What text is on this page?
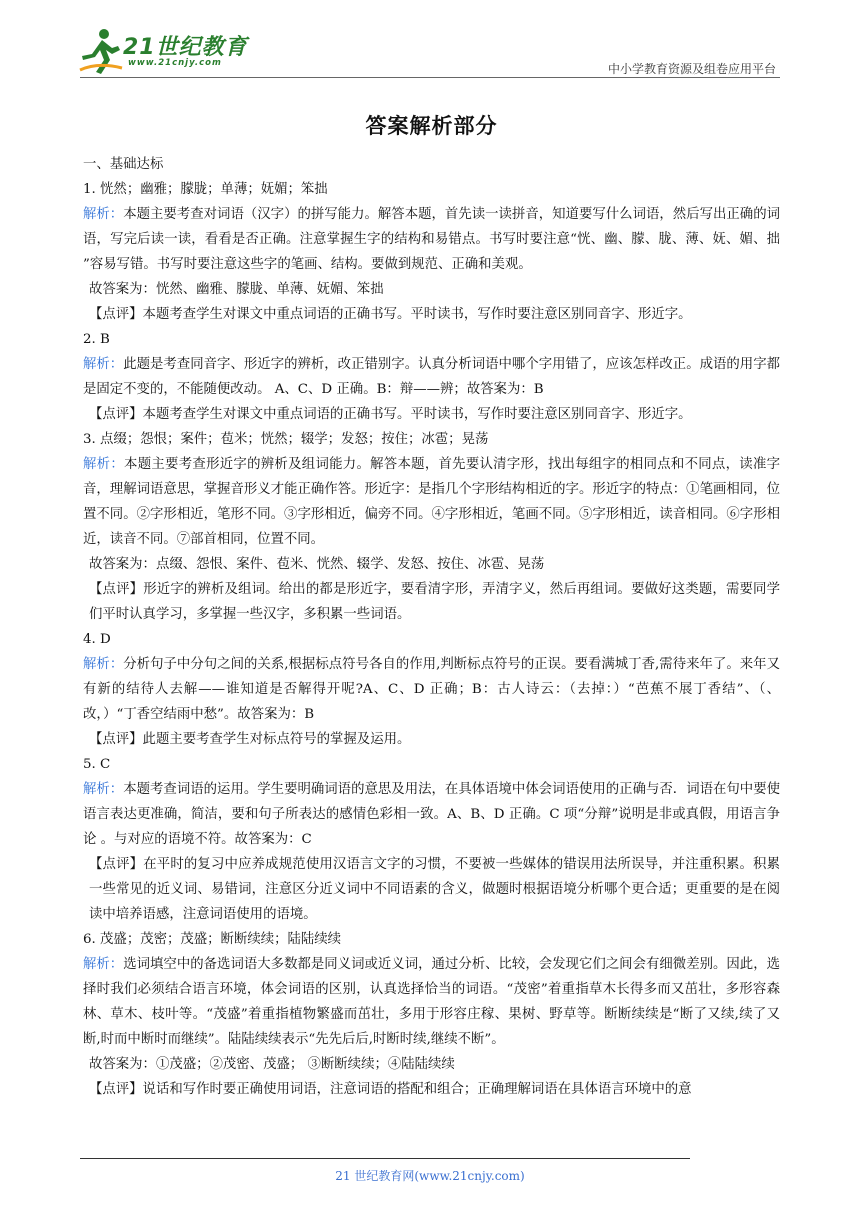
21世纪教育
www.21cnjy.com	中小学教育资源及组卷应用平台
答案解析部分

一、基础达标

1. 恍然；幽雅；朦胧；单薄；妩媚；笨拙

解析：本题主要考查对词语（汉字）的拼写能力。解答本题，首先读一读拼音，知道要写什么词语，然后写出正确的词语，写完后读一读，看看是否正确。注意掌握生字的结构和易错点。书写时要注意“恍、幽、朦、胧、薄、妩、媚、拙 ”容易写错。书写时要注意这些字的笔画、结构。要做到规范、正确和美观。

故答案为：恍然、幽雅、朦胧、单薄、妩媚、笨拙

【点评】本题考查学生对课文中重点词语的正确书写。平时读书，写作时要注意区别同音字、形近字。

2. B

解析：此题是考查同音字、形近字的辨析，改正错别字。认真分析词语中哪个字用错了，应该怎样改正。成语的用字都是固定不变的，不能随便改动。 A、C、D 正确。B：辩——辨；故答案为：B

【点评】本题考查学生对课文中重点词语的正确书写。平时读书，写作时要注意区别同音字、形近字。

3. 点缀；怨恨；案件；苞米；恍然；辍学；发怒；按住；冰雹；晃荡

解析：本题主要考查形近字的辨析及组词能力。解答本题，首先要认清字形，找出每组字的相同点和不同点，读准字音，理解词语意思，掌握音形义才能正确作答。形近字：是指几个字形结构相近的字。形近字的特点：①笔画相同，位置不同。②字形相近，笔形不同。③字形相近，偏旁不同。④字形相近，笔画不同。⑤字形相近，读音相同。⑥字形相近，读音不同。⑦部首相同，位置不同。

故答案为：点缀、怨恨、案件、苞米、恍然、辍学、发怒、按住、冰雹、晃荡

【点评】形近字的辨析及组词。给出的都是形近字，要看清字形，弄清字义，然后再组词。要做好这类题，需要同学们平时认真学习，多掌握一些汉字，多积累一些词语。

4. D

解析：分析句子中分句之间的关系,根据标点符号各自的作用,判断标点符号的正误。要看满城丁香,需待来年了。来年又有新的结待人去解——谁知道是否解得开呢?A、C、D 正确；B：古人诗云：（去掉：）“芭蕉不展丁香结”、（、改，）“丁香空结雨中愁”。故答案为：B

【点评】此题主要考查学生对标点符号的掌握及运用。

5. C

解析：本题考查词语的运用。学生要明确词语的意思及用法，在具体语境中体会词语使用的正确与否．词语在句中要使语言表达更准确，简洁，要和句子所表达的感情色彩相一致。A、B、D 正确。C 项“分辩”说明是非或真假，用语言争论 。与对应的语境不符。故答案为：C

【点评】在平时的复习中应养成规范使用汉语言文字的习惯，不要被一些媒体的错误用法所误导，并注重积累。积累一些常见的近义词、易错词，注意区分近义词中不同语素的含义，做题时根据语境分析哪个更合适；更重要的是在阅读中培养语感，注意词语使用的语境。

6. 茂盛；茂密；茂盛；断断续续；陆陆续续

解析：选词填空中的备选词语大多数都是同义词或近义词，通过分析、比较，会发现它们之间会有细微差别。因此，选择时我们必须结合语言环境，体会词语的区别，认真选择恰当的词语。“茂密”着重指草木长得多而又茁壮，多形容森林、草木、枝叶等。“茂盛”着重指植物繁盛而茁壮，多用于形容庄稼、果树、野草等。断断续续是“断了又续,续了又断,时而中断时而继续”。陆陆续续表示“先先后后,时断时续,继续不断”。

故答案为：①茂盛；②茂密、茂盛； ③断断续续；④陆陆续续

【点评】说话和写作时要正确使用词语，注意词语的搭配和组合；正确理解词语在具体语言环境中的意

21 世纪教育网(www.21cnjy.com)
